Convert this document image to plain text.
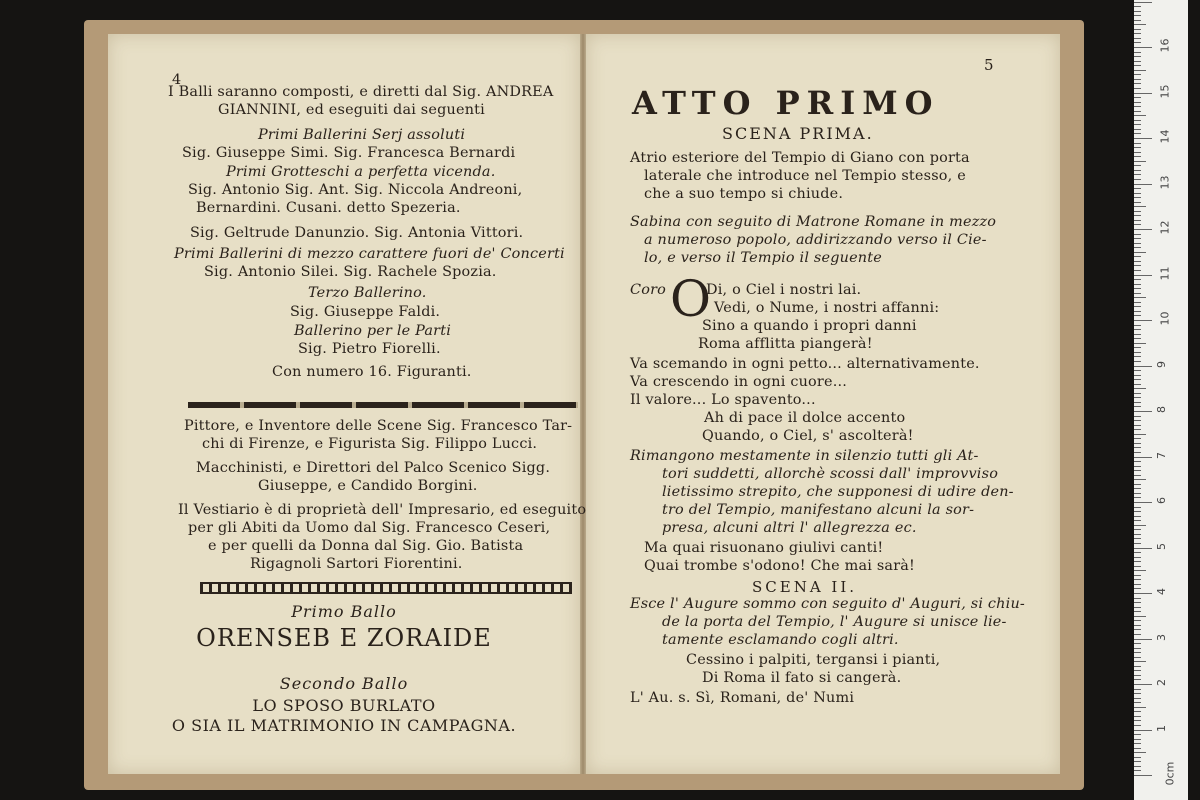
4
I Balli saranno composti, e diretti dal Sig. ANDREA
GIANNINI, ed eseguiti dai seguenti
Primi Ballerini Serj assoluti
Sig. Giuseppe Simi. Sig. Francesca Bernardi
Primi Grotteschi a perfetta vicenda.
Sig. Antonio Sig. Ant. Sig. Niccola Andreoni,
Bernardini. Cusani. detto Spezeria.
Sig. Geltrude Danunzio. Sig. Antonia Vittori.
Primi Ballerini di mezzo carattere fuori de' Concerti
Sig. Antonio Silei. Sig. Rachele Spozia.
Terzo Ballerino.
Sig. Giuseppe Faldi.
Ballerino per le Parti
Sig. Pietro Fiorelli.
Con numero 16. Figuranti.
Pittore, e Inventore delle Scene Sig. Francesco Tar-
chi di Firenze, e Figurista Sig. Filippo Lucci.
Macchinisti, e Direttori del Palco Scenico Sigg.
Giuseppe, e Candido Borgini.
Il Vestiario è di proprietà dell' Impresario, ed eseguito
per gli Abiti da Uomo dal Sig. Francesco Ceseri,
e per quelli da Donna dal Sig. Gio. Batista
Rigagnoli Sartori Fiorentini.
Primo Ballo
ORENSEB E ZORAIDE
Secondo Ballo
LO SPOSO BURLATO
O SIA IL MATRIMONIO IN CAMPAGNA.
5
ATTO PRIMO
SCENA PRIMA.
Atrio esteriore del Tempio di Giano con porta
laterale che introduce nel Tempio stesso, e
che a suo tempo si chiude.
Sabina con seguito di Matrone Romane in mezzo
a numeroso popolo, addirizzando verso il Cie-
lo, e verso il Tempio il seguente
Coro O
Di, o Ciel i nostri lai.
Vedi, o Nume, i nostri affanni:
Sino a quando i propri danni
Roma afflitta piangerà!
Va scemando in ogni petto... alternativamente.
Va crescendo in ogni cuore...
Il valore... Lo spavento...
Ah di pace il dolce accento
Quando, o Ciel, s' ascolterà!
Rimangono mestamente in silenzio tutti gli At-
tori suddetti, allorchè scossi dall' improvviso
lietissimo strepito, che supponesi di udire den-
tro del Tempio, manifestano alcuni la sor-
presa, alcuni altri l' allegrezza ec.
Ma quai risuonano giulivi canti!
Quai trombe s'odono! Che mai sarà!
SCENA II.
Esce l' Augure sommo con seguito d' Auguri, si chiu-
de la porta del Tempio, l' Augure si unisce lie-
tamente esclamando cogli altri.
Cessino i palpiti, tergansi i pianti,
Di Roma il fato si cangerà.
L' Au. s. Sì, Romani, de' Numi
0cm
1
2
3
4
5
6
7
8
9
10
11
12
13
14
15
16
